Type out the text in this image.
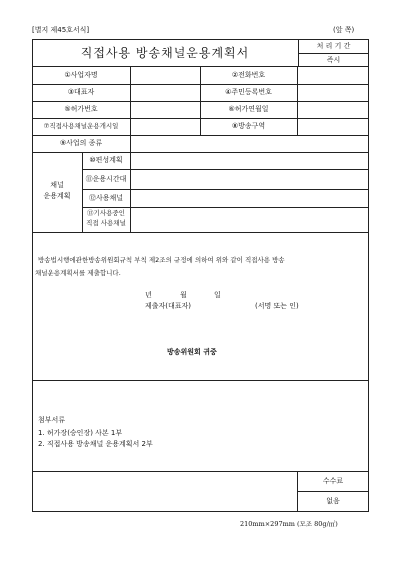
[별지 제45호서식]	(앞 쪽)
직접사용 방송채널운용계획서	처 리 기 간
즉시
①사업자명	②전화번호
③대표자	④주민등록번호
⑤허가번호	⑥허가연월일
⑦직접사용채널운용개시일	⑧방송구역
⑨사업의 종류
채널
운용계획
⑩편성계획
⑪운용시간대
⑫사용채널
⑬기사용중인
직접 사용채널
방송법시행에관한방송위원회규칙 부칙 제2조의 규정에 의하여 위와 같이 직접사용 방송
채널운용계획서를 제출합니다.
년	월	일
제출자(대표자)	(서명 또는 인)
방송위원회 귀중
첨부서류
1. 허가장(승인장) 사본 1부
2. 직접사용 방송채널 운용계획서 2부
수수료
없음
210mm×297mm (모조 80g/㎡)
